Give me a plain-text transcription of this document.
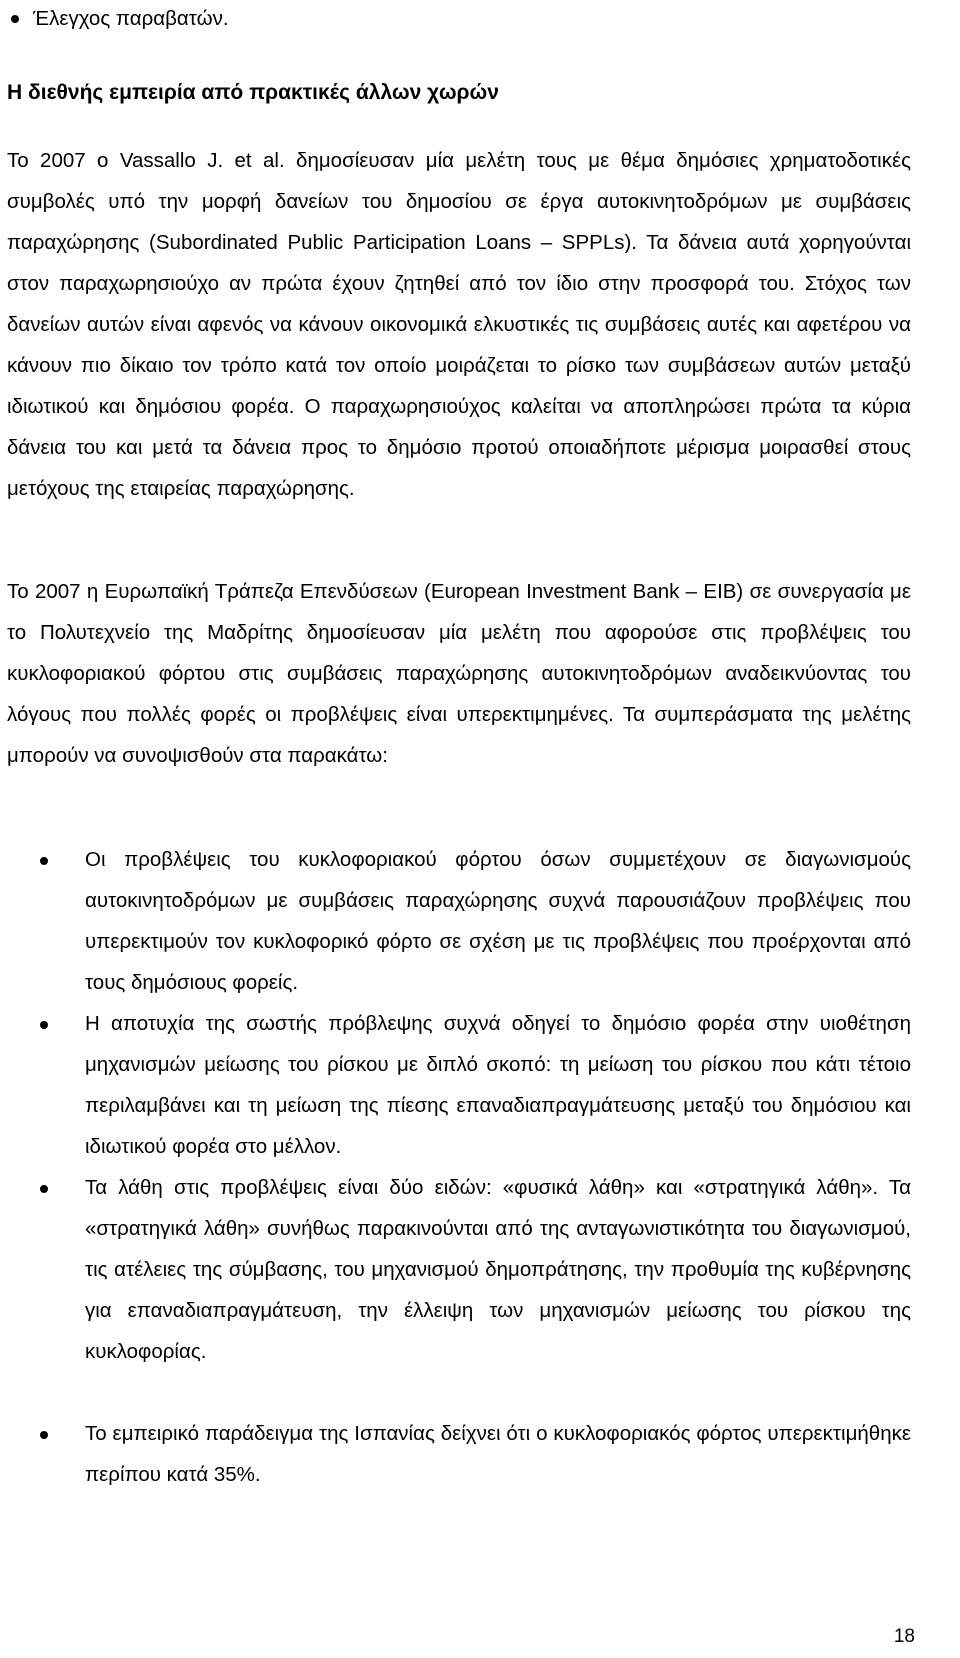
Έλεγχος παραβατών.

Η διεθνής εμπειρία από πρακτικές άλλων χωρών

Το 2007 ο Vassallo J. et al. δημοσίευσαν μία μελέτη τους με θέμα δημόσιες χρηματοδοτικές συμβολές υπό την μορφή δανείων του δημοσίου σε έργα αυτοκινητοδρόμων με συμβάσεις παραχώρησης (Subordinated Public Participation Loans – SPPLs). Τα δάνεια αυτά χορηγούνται στον παραχωρησιούχο αν πρώτα έχουν ζητηθεί από τον ίδιο στην προσφορά του. Στόχος των δανείων αυτών είναι αφενός να κάνουν οικονομικά ελκυστικές τις συμβάσεις αυτές και αφετέρου να κάνουν πιο δίκαιο τον τρόπο κατά τον οποίο μοιράζεται το ρίσκο των συμβάσεων αυτών μεταξύ ιδιωτικού και δημόσιου φορέα. Ο παραχωρησιούχος καλείται να αποπληρώσει πρώτα τα κύρια δάνεια του και μετά τα δάνεια προς το δημόσιο προτού οποιαδήποτε μέρισμα μοιρασθεί στους μετόχους της εταιρείας παραχώρησης.

Το 2007 η Ευρωπαϊκή Τράπεζα Επενδύσεων (European Investment Bank – EIB) σε συνεργασία με το Πολυτεχνείο της Μαδρίτης δημοσίευσαν μία μελέτη που αφορούσε στις προβλέψεις του κυκλοφοριακού φόρτου στις συμβάσεις παραχώρησης αυτοκινητοδρόμων αναδεικνύοντας του λόγους που πολλές φορές οι προβλέψεις είναι υπερεκτιμημένες. Τα συμπεράσματα της μελέτης μπορούν να συνοψισθούν στα παρακάτω:

Οι προβλέψεις του κυκλοφοριακού φόρτου όσων συμμετέχουν σε διαγωνισμούς αυτοκινητοδρόμων με συμβάσεις παραχώρησης συχνά παρουσιάζουν προβλέψεις που υπερεκτιμούν τον κυκλοφορικό φόρτο σε σχέση με τις προβλέψεις που προέρχονται από τους δημόσιους φορείς.
Η αποτυχία της σωστής πρόβλεψης συχνά οδηγεί το δημόσιο φορέα στην υιοθέτηση μηχανισμών μείωσης του ρίσκου με διπλό σκοπό: τη μείωση του ρίσκου που κάτι τέτοιο περιλαμβάνει και τη μείωση της πίεσης επαναδιαπραγμάτευσης μεταξύ του δημόσιου και ιδιωτικού φορέα στο μέλλον.
Τα λάθη στις προβλέψεις είναι δύο ειδών: «φυσικά λάθη» και «στρατηγικά λάθη». Τα «στρατηγικά λάθη» συνήθως παρακινούνται από της ανταγωνιστικότητα του διαγωνισμού, τις ατέλειες της σύμβασης, του μηχανισμού δημοπράτησης, την προθυμία της κυβέρνησης για επαναδιαπραγμάτευση, την έλλειψη των μηχανισμών μείωσης του ρίσκου της κυκλοφορίας.
Το εμπειρικό παράδειγμα της Ισπανίας δείχνει ότι ο κυκλοφοριακός φόρτος υπερεκτιμήθηκε περίπου κατά 35%.
18
